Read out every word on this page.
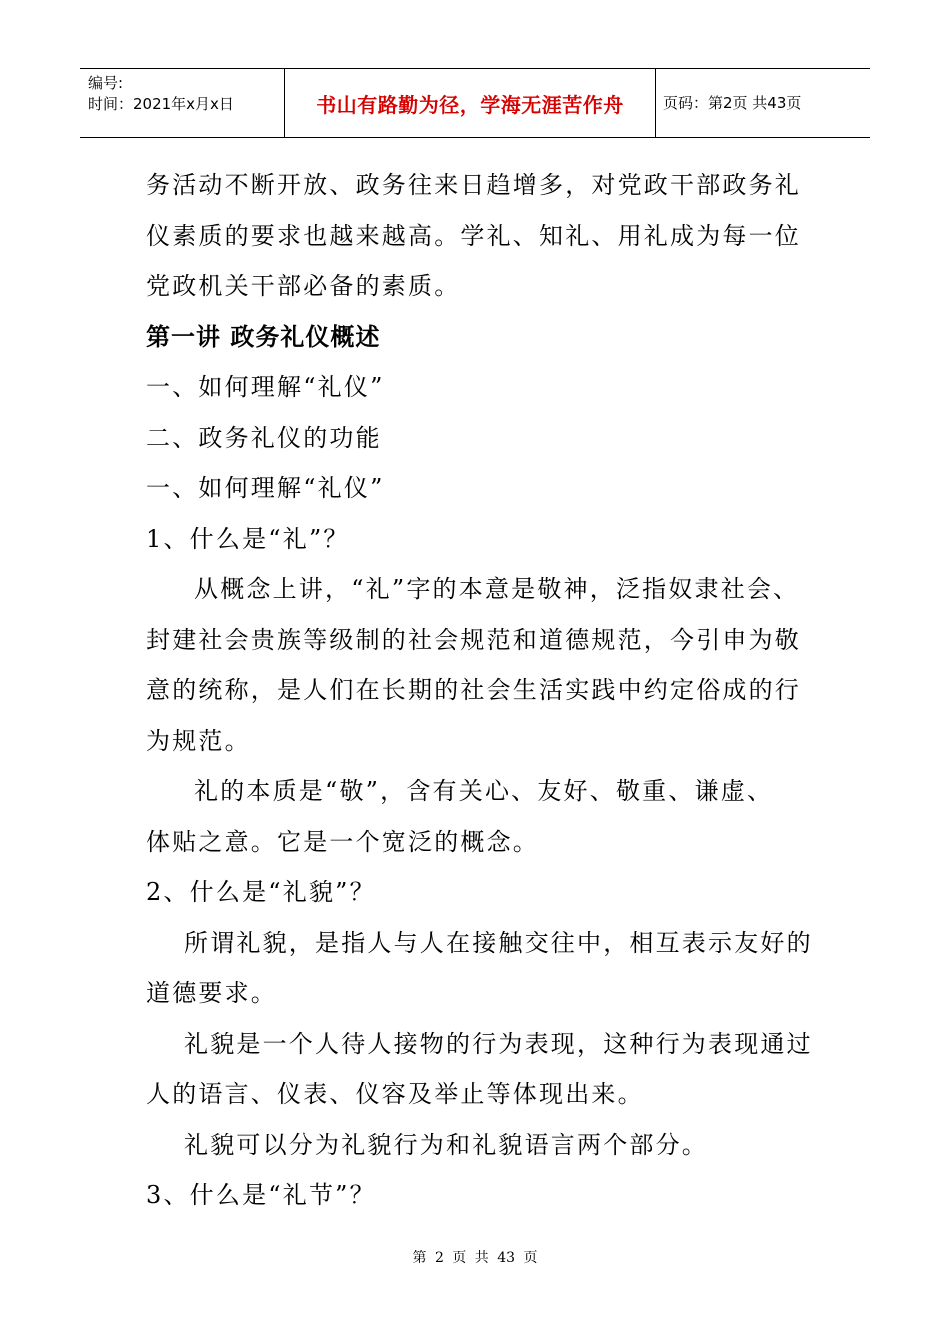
编号:
时间：2021年x月x日	书山有路勤为径，学海无涯苦作舟	页码：第2页 共43页

务活动不断开放、政务往来日趋增多，对党政干部政务礼

仪素质的要求也越来越高。学礼、知礼、用礼成为每一位

党政机关干部必备的素质。

第一讲 政务礼仪概述

一、如何理解“礼仪”

二、政务礼仪的功能

一、如何理解“礼仪”

1、什么是“礼”？

从概念上讲，“礼”字的本意是敬神，泛指奴隶社会、

封建社会贵族等级制的社会规范和道德规范，今引申为敬

意的统称，是人们在长期的社会生活实践中约定俗成的行

为规范。

礼的本质是“敬”，含有关心、友好、敬重、谦虚、

体贴之意。它是一个宽泛的概念。

2、什么是“礼貌”？

所谓礼貌，是指人与人在接触交往中，相互表示友好的

道德要求。

礼貌是一个人待人接物的行为表现，这种行为表现通过

人的语言、仪表、仪容及举止等体现出来。

礼貌可以分为礼貌行为和礼貌语言两个部分。

3、什么是“礼节”？

第 2 页 共 43 页
